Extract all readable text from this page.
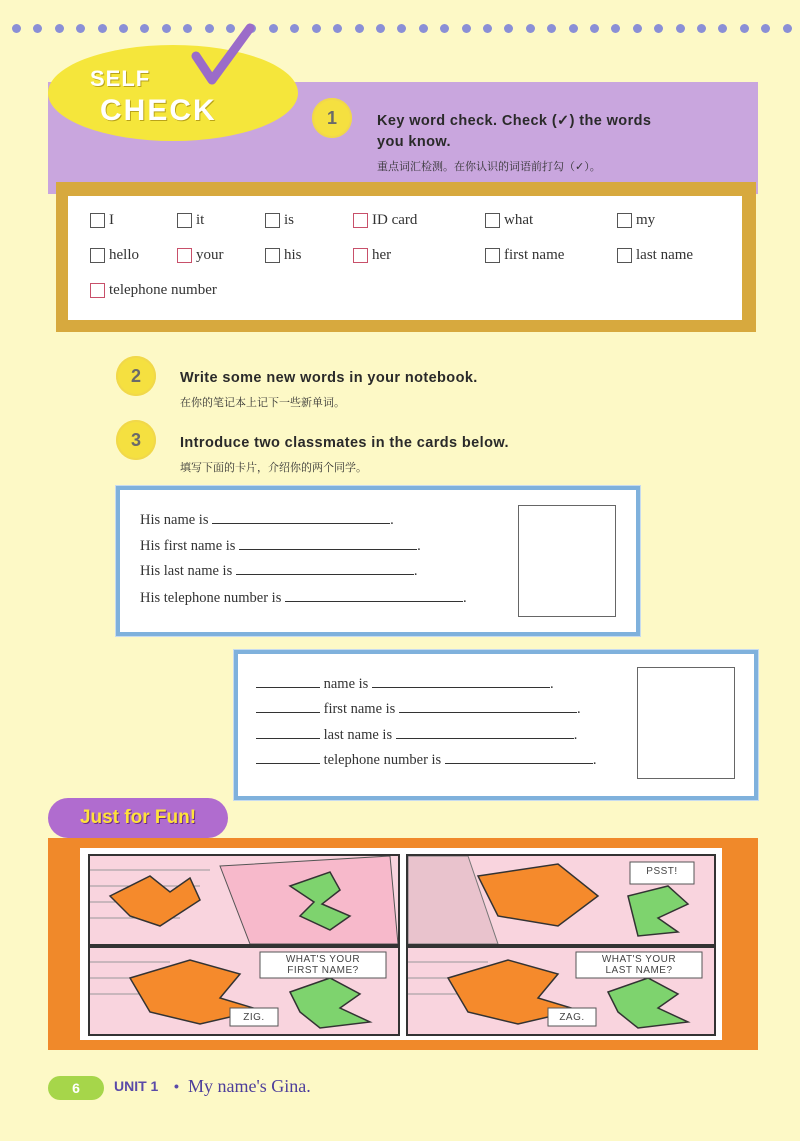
SELF
CHECK	1	Key word check. Check (✓) the words
you know.
重点词汇检测。在你认识的词语前打勾（✓）。
I	it	is	ID card	what	my
hello	your	his	her	first name	last name
telephone number
2	Write some new words in your notebook.
在你的笔记本上记下一些新单词。
3	Introduce two classmates in the cards below.
填写下面的卡片，介绍你的两个同学。
His name is	.
His first name is	.
His last name is	.
His telephone number is	.
name is	.
first name is	.
last name is	.
telephone number is	.
Just for Fun!
PSST!
WHAT'S YOUR
FIRST NAME?
ZIG.
WHAT'S YOUR
LAST NAME?
ZAG.
6	UNIT 1 • My name's Gina.
